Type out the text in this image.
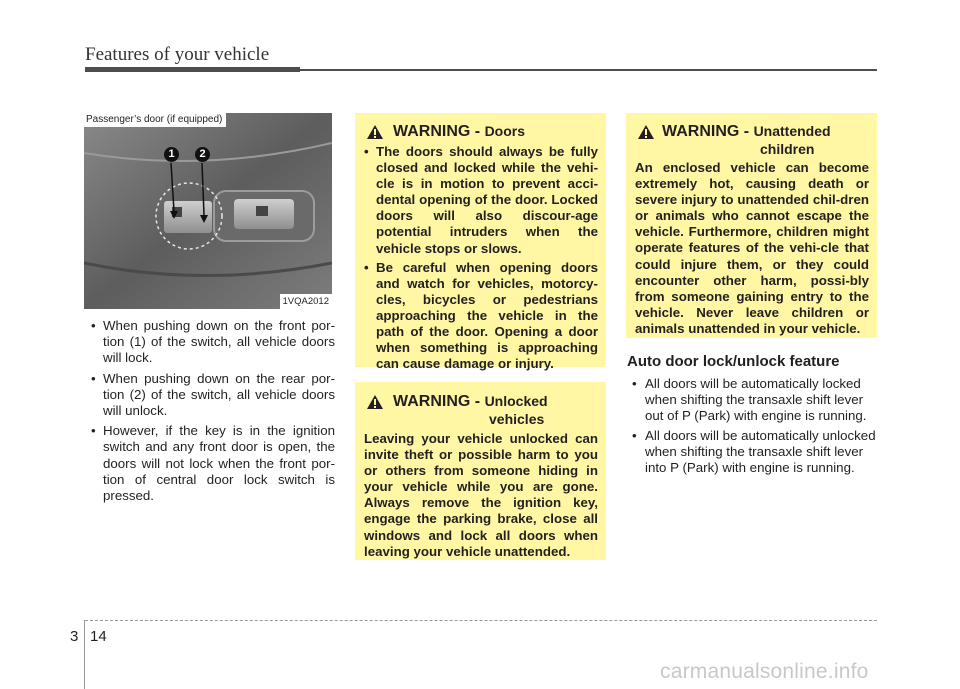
Features of your vehicle
Passenger’s door (if equipped)
1	2
1VQA2012

• When pushing down on the front por-tion (1) of the switch, all vehicle doors will lock.

• When pushing down on the rear por-tion (2) of the switch, all vehicle doors will unlock.

• However, if the key is in the ignition switch and any front door is open, the doors will not lock when the front por-tion of central door lock switch is pressed.

WARNING - Doors

• The doors should always be fully closed and locked while the vehi-cle is in motion to prevent acci-dental opening of the door. Locked doors will also discour-age potential intruders when the vehicle stops or slows.

• Be careful when opening doors and watch for vehicles, motorcy-cles, bicycles or pedestrians approaching the vehicle in the path of the door. Opening a door when something is approaching can cause damage or injury.

WARNING - Unlocked
vehicles

Leaving your vehicle unlocked can invite theft or possible harm to you or others from someone hiding in your vehicle while you are gone. Always remove the ignition key, engage the parking brake, close all windows and lock all doors when leaving your vehicle unattended.

WARNING - Unattended
children

An enclosed vehicle can become extremely hot, causing death or severe injury to unattended chil-dren or animals who cannot escape the vehicle. Furthermore, children might operate features of the vehi-cle that could injure them, or they could encounter other harm, possi-bly from someone gaining entry to the vehicle. Never leave children or animals unattended in your vehicle.

Auto door lock/unlock feature

• All doors will be automatically locked when shifting the transaxle shift lever out of P (Park) with engine is running.

• All doors will be automatically unlocked when shifting the transaxle shift lever into P (Park) with engine is running.

3 14
carmanualsonline.info
